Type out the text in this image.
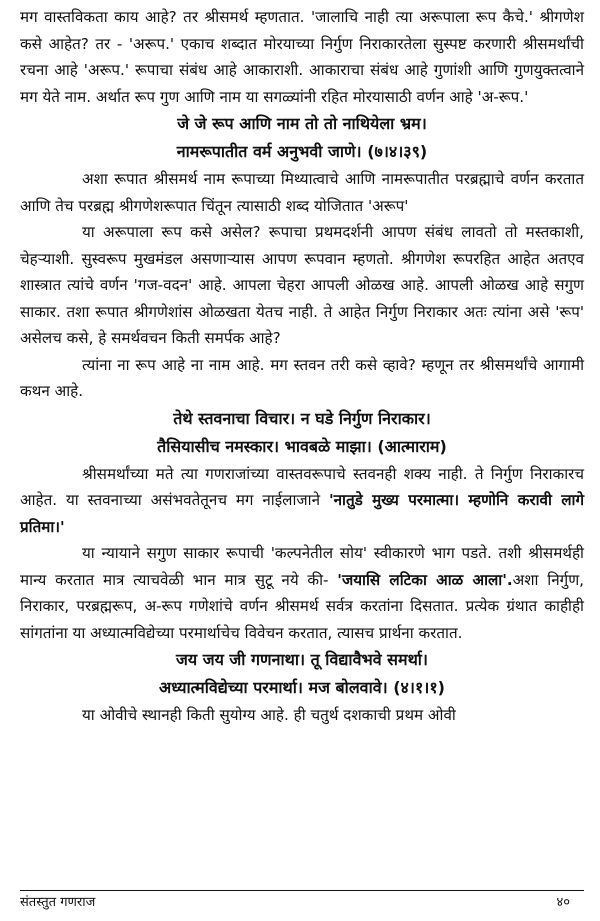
मग वास्तविकता काय आहे? तर श्रीसमर्थ म्हणतात. 'जालाचि नाही त्या अरूपाला रूप कैचे.' श्रीगणेश कसे आहेत? तर - 'अरूप.' एकाच शब्दात मोरयाच्या निर्गुण निराकारतेला सुस्पष्ट करणारी श्रीसमर्थांची रचना आहे 'अरूप.' रूपाचा संबंध आहे आकाराशी. आकाराचा संबंध आहे गुणांशी आणि गुणयुक्तत्वाने मग येते नाम. अर्थात रूप गुण आणि नाम या सगळ्यांनी रहित मोरयासाठी वर्णन आहे 'अ-रूप.'

जे जे रूप आणि नाम तो तो नाथियेला भ्रम।

नामरूपातीत वर्म अनुभवी जाणे। (७।४।३९)

अशा रूपात श्रीसमर्थ नाम रूपाच्या मिथ्यात्वाचे आणि नामरूपातीत परब्रह्माचे वर्णन करतात आणि तेच परब्रह्म श्रीगणेशरूपात चिंतून त्यासाठी शब्द योजितात 'अरूप'

या अरूपाला रूप कसे असेल? रूपाचा प्रथमदर्शनी आपण संबंध लावतो तो मस्तकाशी, चेहऱ्याशी. सुस्वरूप मुखमंडल असणाऱ्यास आपण रूपवान म्हणतो. श्रीगणेश रूपरहित आहेत अतएव शास्त्रात त्यांचे वर्णन 'गज-वदन' आहे. आपला चेहरा आपली ओळख आहे. आपली ओळख आहे सगुण साकार. तशा रूपात श्रीगणेशांस ओळखता येतच नाही. ते आहेत निर्गुण निराकार अतः त्यांना असे 'रूप' असेलच कसे, हे समर्थवचन किती समर्पक आहे?

त्यांना ना रूप आहे ना नाम आहे. मग स्तवन तरी कसे व्हावे? म्हणून तर श्रीसमर्थांचे आगामी कथन आहे.

तेथे स्तवनाचा विचार। न घडे निर्गुण निराकार।

तैसियासीच नमस्कार। भावबळे माझा। (आत्माराम)

श्रीसमर्थांच्या मते त्या गणराजांच्या वास्तवरूपाचे स्तवनही शक्य नाही. ते निर्गुण निराकारच आहेत. या स्तवनाच्या असंभवतेतूनच मग नाईलाजाने 'नातुडे मुख्य परमात्मा। म्हणोनि करावी लागे प्रतिमा।'

या न्यायाने सगुण साकार रूपाची 'कल्पनेतील सोय' स्वीकारणे भाग पडते. तशी श्रीसमर्थही मान्य करतात मात्र त्याचवेळी भान मात्र सुटू नये की- 'जयासि लटिका आळ आला'.अशा निर्गुण, निराकार, परब्रह्मरूप, अ-रूप गणेशांचे वर्णन श्रीसमर्थ सर्वत्र करतांना दिसतात. प्रत्येक ग्रंथात काहीही सांगतांना या अध्यात्मविद्येच्या परमार्थाचेच विवेचन करतात, त्यासच प्रार्थना करतात.

जय जय जी गणनाथा। तू विद्यावैभवे समर्था।

अध्यात्मविद्येच्या परमार्था। मज बोलवावे। (४।१।१)

या ओवीचे स्थानही किती सुयोग्य आहे. ही चतुर्थ दशकाची प्रथम ओवी

संतस्तुत गणराज	४०
